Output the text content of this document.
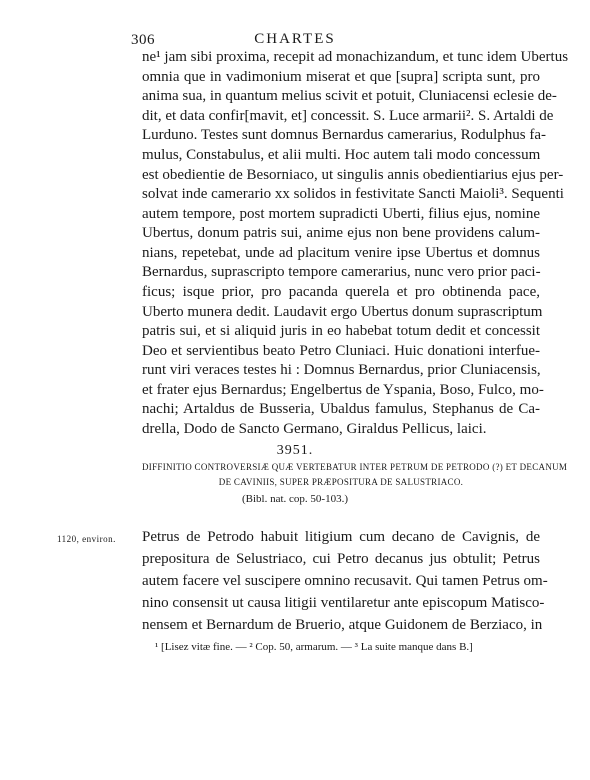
306	CHARTES
ne¹ jam sibi proxima, recepit ad monachizandum, et tunc idem Ubertus
omnia que in vadimonium miserat et que [supra] scripta sunt, pro
anima sua, in quantum melius scivit et potuit, Cluniacensi eclesie de-
dit, et data confir[mavit, et] concessit. S. Luce armarii². S. Artaldi de
Lurduno. Testes sunt domnus Bernardus camerarius, Rodulphus fa-
mulus, Constabulus, et alii multi. Hoc autem tali modo concessum
est obedientie de Besorniaco, ut singulis annis obedientiarius ejus per-
solvat inde camerario xx solidos in festivitate Sancti Maioli³. Sequenti
autem tempore, post mortem supradicti Uberti, filius ejus, nomine
Ubertus, donum patris sui, anime ejus non bene providens calum-
nians, repetebat, unde ad placitum venire ipse Ubertus et domnus
Bernardus, suprascripto tempore camerarius, nunc vero prior paci-
ficus; isque prior, pro pacanda querela et pro obtinenda pace,
Uberto munera dedit. Laudavit ergo Ubertus donum suprascriptum
patris sui, et si aliquid juris in eo habebat totum dedit et concessit
Deo et servientibus beato Petro Cluniaci. Huic donationi interfue-
runt viri veraces testes hi : Domnus Bernardus, prior Cluniacensis,
et frater ejus Bernardus; Engelbertus de Yspania, Boso, Fulco, mo-
nachi; Artaldus de Busseria, Ubaldus famulus, Stephanus de Ca-
drella, Dodo de Sancto Germano, Giraldus Pellicus, laici.
3951.
DIFFINITIO CONTROVERSIÆ QUÆ VERTEBATUR INTER PETRUM DE PETRODO (?) ET DECANUM
DE CAVINIIS, SUPER PRÆPOSITURA DE SALUSTRIACO.
(Bibl. nat. cop. 50-103.)
1120, environ. Petrus de Petrodo habuit litigium cum decano de Cavignis, de
prepositura de Selustriaco, cui Petro decanus jus obtulit; Petrus
autem facere vel suscipere omnino recusavit. Qui tamen Petrus om-
nino consensit ut causa litigii ventilaretur ante episcopum Matisco-
nensem et Bernardum de Bruerio, atque Guidonem de Berziaco, in
¹ [Lisez vitæ fine. — ² Cop. 50, armarum. — ³ La suite manque dans B.]
